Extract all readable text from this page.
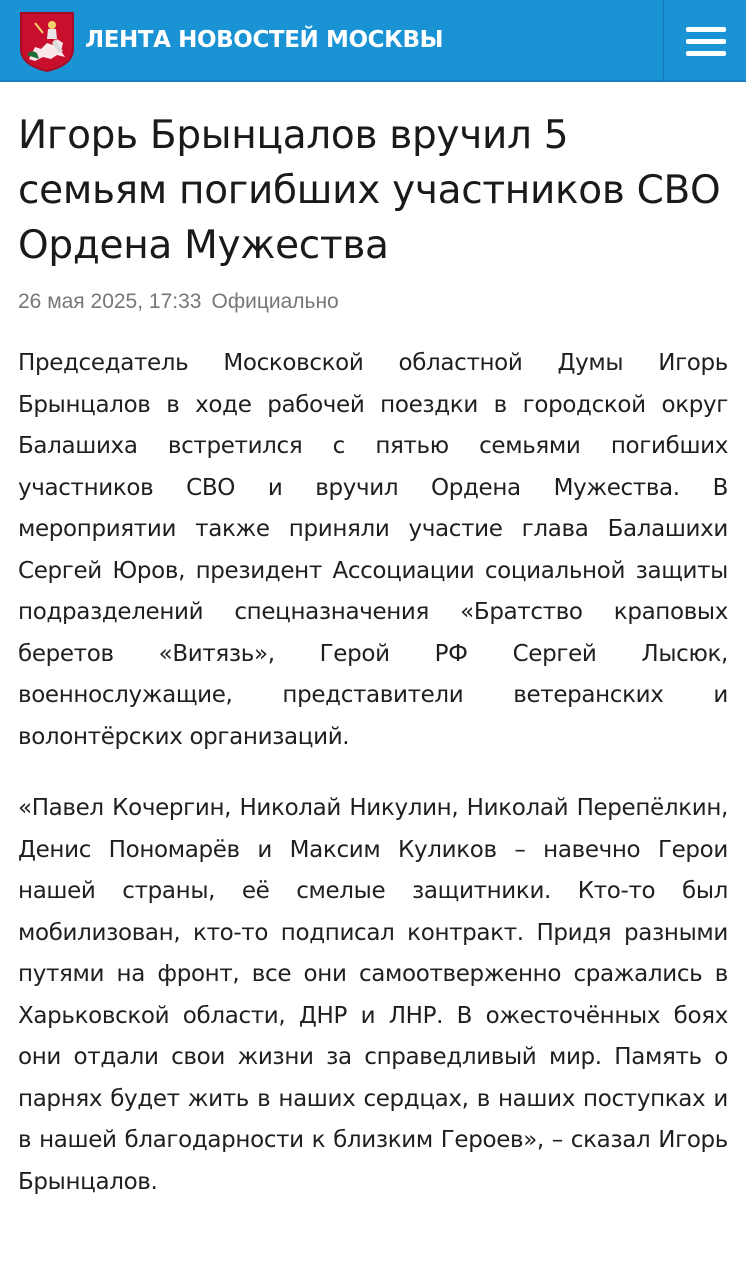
ЛЕНТА НОВОСТЕЙ МОСКВЫ
Игорь Брынцалов вручил 5 семьям погибших участников СВО Ордена Мужества
26 мая 2025, 17:33 Официально

Председатель Московской областной Думы Игорь Брынцалов в ходе рабочей поездки в городской округ Балашиха встретился с пятью семьями погибших участников СВО и вручил Ордена Мужества. В мероприятии также приняли участие глава Балашихи Сергей Юров, президент Ассоциации социальной защиты подразделений спецназначения «Братство краповых беретов «Витязь», Герой РФ Сергей Лысюк, военнослужащие, представители ветеранских и волонтёрских организаций.

«Павел Кочергин, Николай Никулин, Николай Перепёлкин, Денис Пономарёв и Максим Куликов – навечно Герои нашей страны, её смелые защитники. Кто-то был мобилизован, кто-то подписал контракт. Придя разными путями на фронт, все они самоотверженно сражались в Харьковской области, ДНР и ЛНР. В ожесточённых боях они отдали свои жизни за справедливый мир. Память о парнях будет жить в наших сердцах, в наших поступках и в нашей благодарности к близким Героев», – сказал Игорь Брынцалов.
